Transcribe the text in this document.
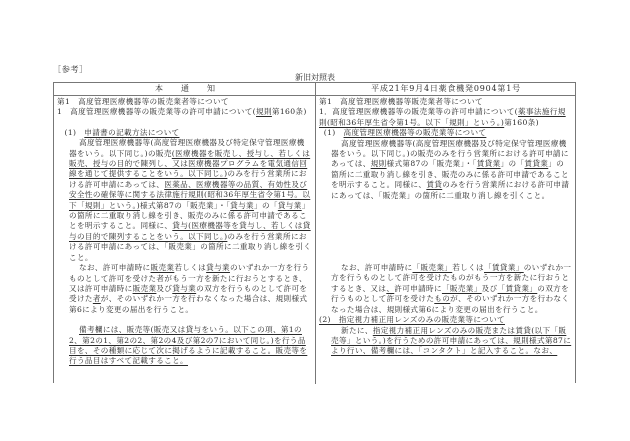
［参考］
新旧対照表
本通知	平成21年9月4日薬食機発0904第1号

第1　高度管理医療機器等の販売業者等について

1　高度管理医療機器等の販売業等の許可申請について(規則第160条)

(1)　申請書の記載方法について

高度管理医療機器等(高度管理医療機器及び特定保守管理医療機器をいう。以下同じ。)の販売(医療機器を販売し、授与し、若しくは販売、授与の目的で陳列し、又は医療機器プログラムを電気通信回線を通じて提供することをいう。以下同じ。)のみを行う営業所における許可申請にあっては、医薬品、医療機器等の品質、有効性及び安全性の確保等に関する法律施行規則(昭和36年厚生省令第1号。以下「規則」という。)様式第87の「販売業」・「貸与業」の「貸与業」の箇所に二重取り消し線を引き、販売のみに係る許可申請であることを明示すること。同様に、貸与(医療機器等を貸与し、若しくは貸与の目的で陳列することをいう。以下同じ。)のみを行う営業所における許可申請にあっては、「販売業」の箇所に二重取り消し線を引くこと。

なお、許可申請時に販売業若しくは貸与業のいずれか一方を行うものとして許可を受けた者がもう一方を新たに行おうとするとき、又は許可申請時に販売業及び貸与業の双方を行うものとして許可を受けた者が、そのいずれか一方を行わなくなった場合は、規則様式第6により変更の届出を行うこと。

備考欄には、販売等(販売又は貸与をいう。以下この項、第1の2、第2の1、第2の2、第2の4及び第2の7において同じ。)を行う品目を、その種類に応じて次に掲げるように記載すること。販売等を行う品目はすべて記載すること。

第1　高度管理医療機器等販売業者等について

1．高度管理医療機器等の販売業等の許可申請について(薬事法施行規則(昭和36年厚生省令第1号。以下「規則」という。)第160条)

(1)　高度管理医療機器等の販売業等について

高度管理医療機器等(高度管理医療機器及び特定保守管理医療機器をいう。以下同じ。)の販売のみを行う営業所における許可申請にあっては、規則様式第87の「販売業」・「賃貸業」の「賃貸業」の箇所に二重取り消し線を引き、販売のみに係る許可申請であることを明示すること。同様に、賃貸のみを行う営業所における許可申請にあっては、「販売業」の箇所に二重取り消し線を引くこと。

なお、許可申請時に「販売業」若しくは「賃貸業」のいずれか一方を行うものとして許可を受けたものがもう一方を新たに行おうとするとき、又は、許可申請時に「販売業」及び「賃貸業」の双方を行うものとして許可を受けたものが、そのいずれか一方を行わなくなった場合は、規則様式第6により変更の届出を行うこと。

(2)　指定視力補正用レンズのみの販売業等について

新たに、指定視力補正用レンズのみの販売または賃貸(以下「販売等」という。)を行うための許可申請にあっては、規則様式第87により行い、備考欄には、「コンタクト」と記入すること。なお、
